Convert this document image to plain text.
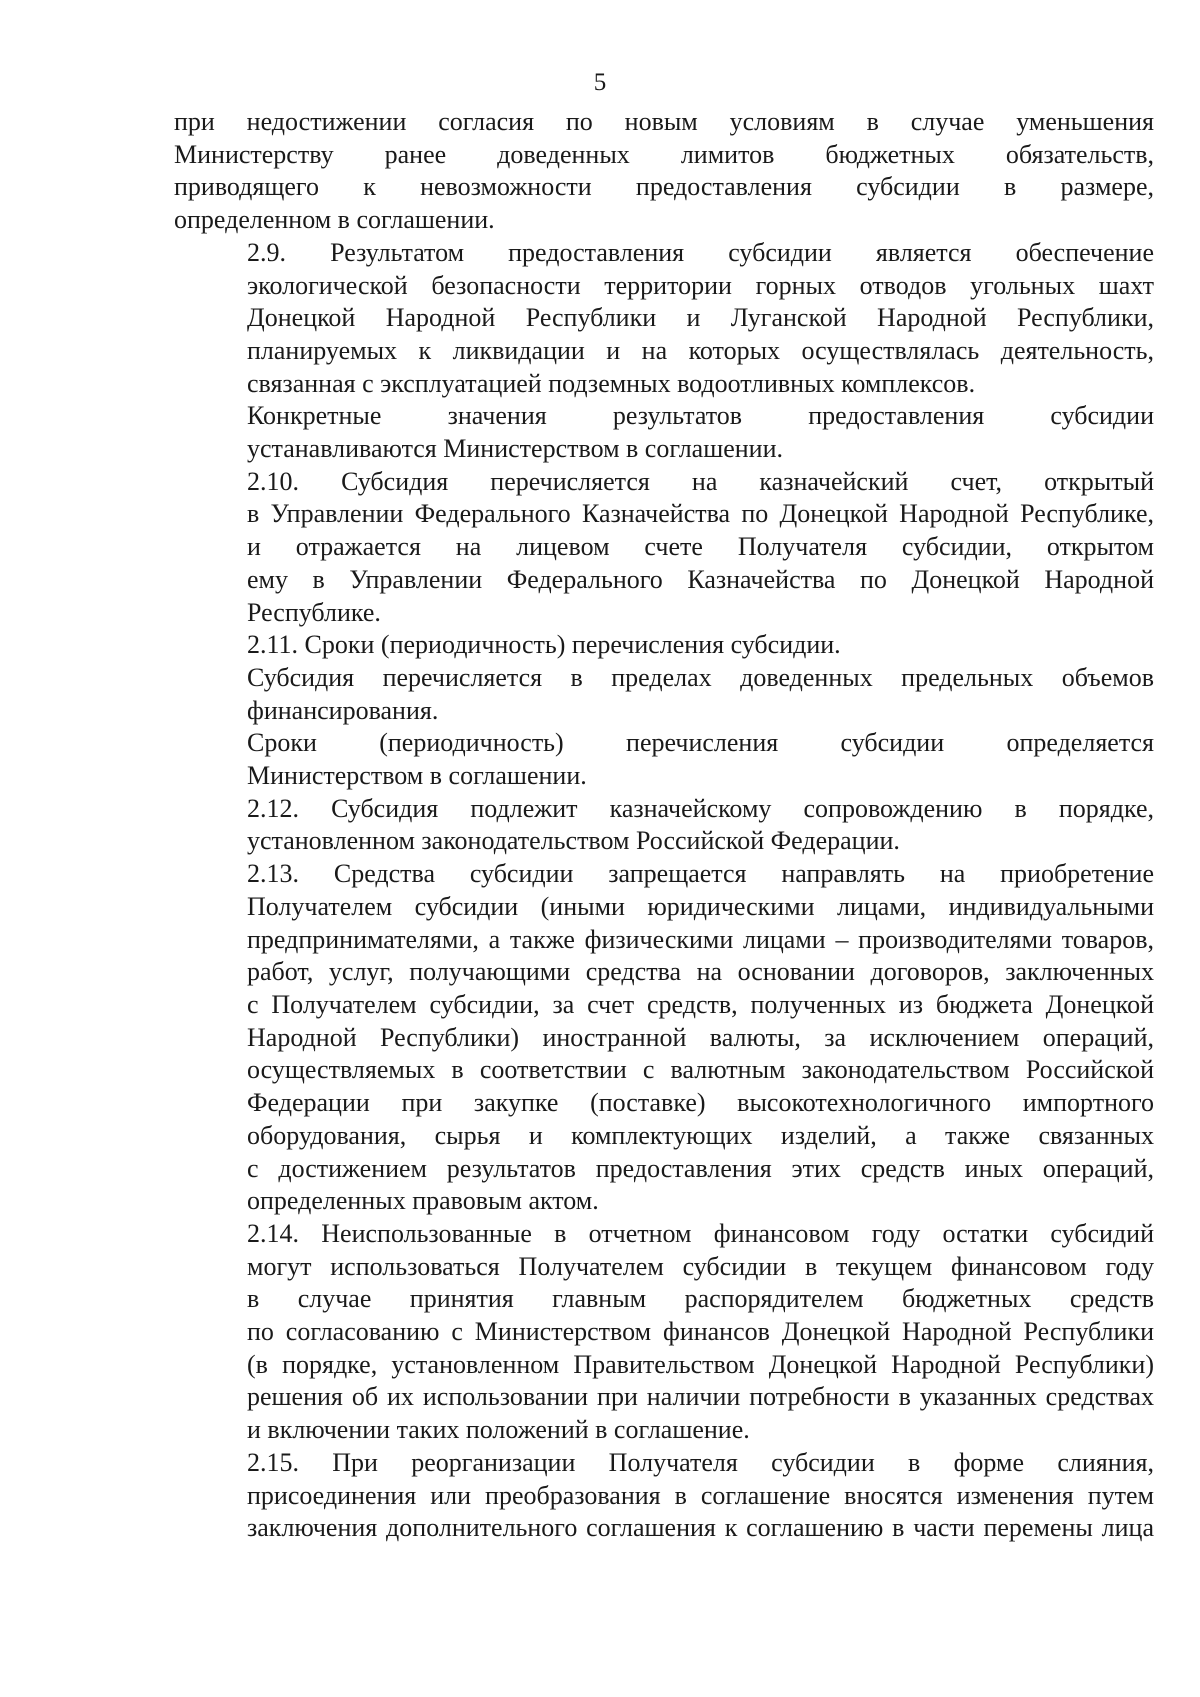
5

при недостижении согласия по новым условиям в случае уменьшения
Министерству ранее доведенных лимитов бюджетных обязательств,
приводящего к невозможности предоставления субсидии в размере,
определенном в соглашении.

2.9. Результатом предоставления субсидии является обеспечение
экологической безопасности территории горных отводов угольных шахт
Донецкой Народной Республики и Луганской Народной Республики,
планируемых к ликвидации и на которых осуществлялась деятельность,
связанная с эксплуатацией подземных водоотливных комплексов.

Конкретные значения результатов предоставления субсидии
устанавливаются Министерством в соглашении.

2.10. Субсидия перечисляется на казначейский счет, открытый
в Управлении Федерального Казначейства по Донецкой Народной Республике,
и отражается на лицевом счете Получателя субсидии, открытом
ему в Управлении Федерального Казначейства по Донецкой Народной
Республике.

2.11. Сроки (периодичность) перечисления субсидии.

Субсидия перечисляется в пределах доведенных предельных объемов
финансирования.

Сроки (периодичность) перечисления субсидии определяется
Министерством в соглашении.

2.12. Субсидия подлежит казначейскому сопровождению в порядке,
установленном законодательством Российской Федерации.

2.13. Средства субсидии запрещается направлять на приобретение
Получателем субсидии (иными юридическими лицами, индивидуальными
предпринимателями, а также физическими лицами – производителями товаров,
работ, услуг, получающими средства на основании договоров, заключенных
с Получателем субсидии, за счет средств, полученных из бюджета Донецкой
Народной Республики) иностранной валюты, за исключением операций,
осуществляемых в соответствии с валютным законодательством Российской
Федерации при закупке (поставке) высокотехнологичного импортного
оборудования, сырья и комплектующих изделий, а также связанных
с достижением результатов предоставления этих средств иных операций,
определенных правовым актом.

2.14. Неиспользованные в отчетном финансовом году остатки субсидий
могут использоваться Получателем субсидии в текущем финансовом году
в случае принятия главным распорядителем бюджетных средств
по согласованию с Министерством финансов Донецкой Народной Республики
(в порядке, установленном Правительством Донецкой Народной Республики)
решения об их использовании при наличии потребности в указанных средствах
и включении таких положений в соглашение.

2.15. При реорганизации Получателя субсидии в форме слияния,
присоединения или преобразования в соглашение вносятся изменения путем
заключения дополнительного соглашения к соглашению в части перемены лица
